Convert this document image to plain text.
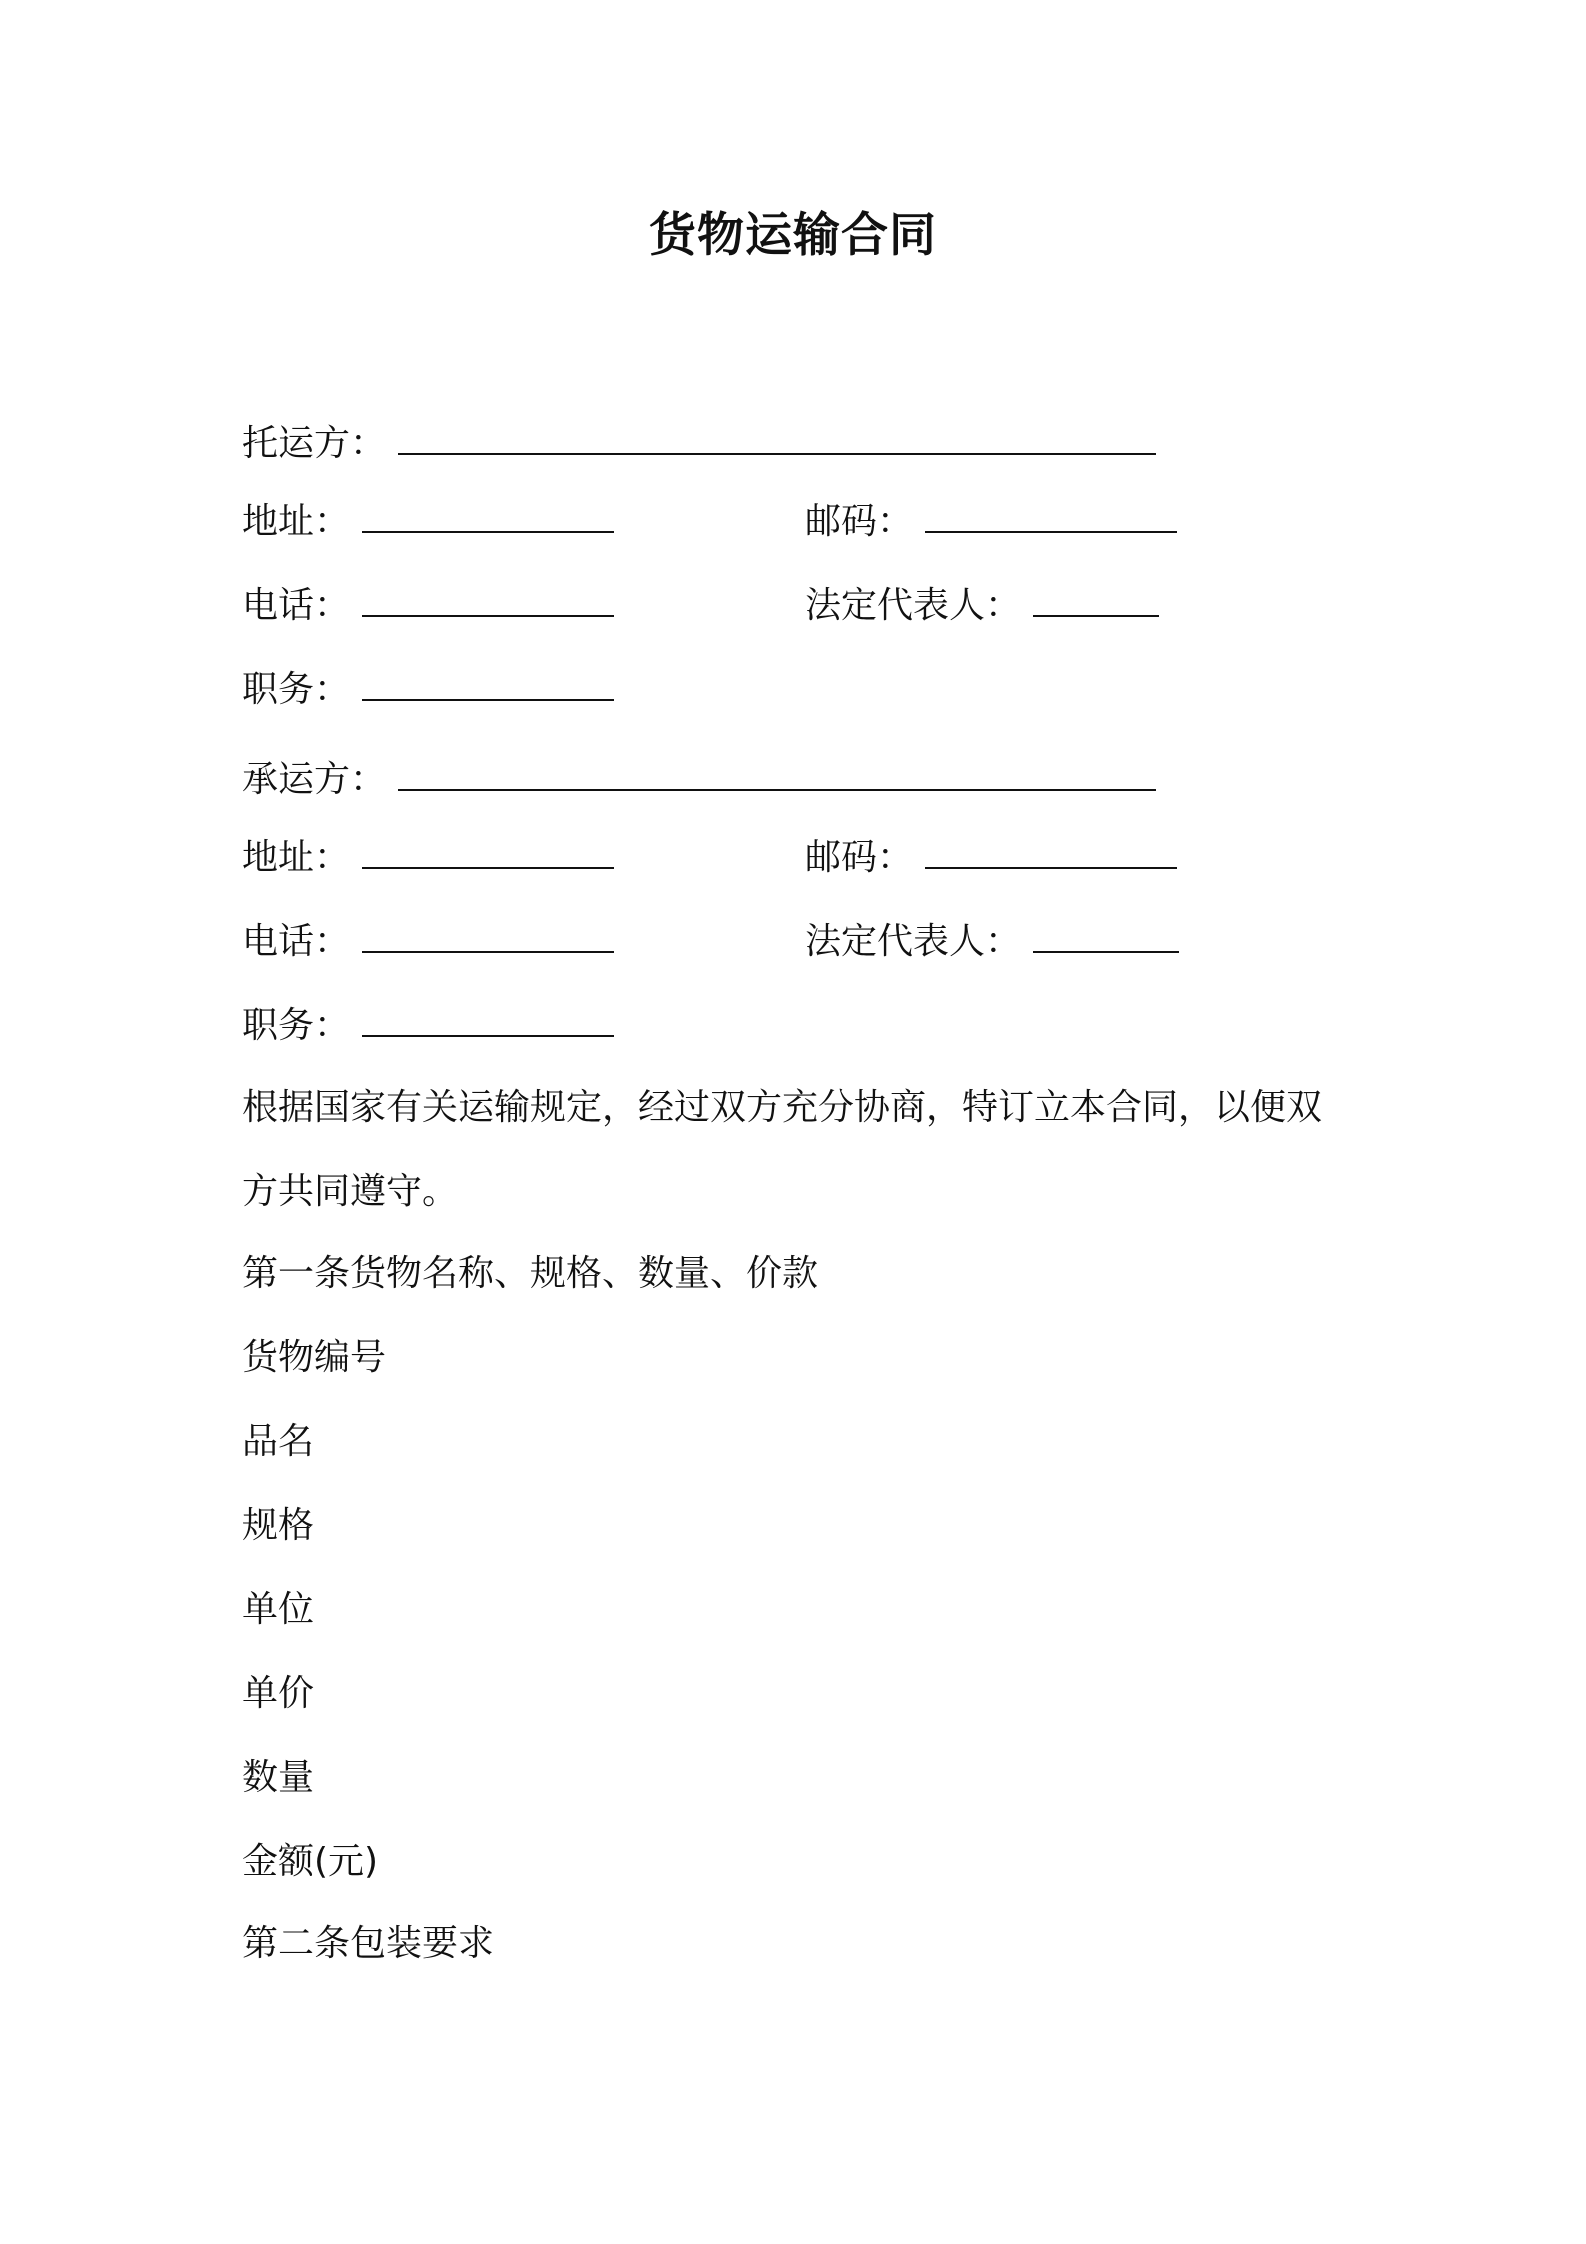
货物运输合同
托运方：
地址：	邮码：
电话：	法定代表人：
职务：
承运方：
地址：	邮码：
电话：	法定代表人：
职务：
根据国家有关运输规定，经过双方充分协商，特订立本合同，以便双
方共同遵守。
第一条货物名称、规格、数量、价款
货物编号
品名
规格
单位
单价
数量
金额(元)
第二条包装要求
